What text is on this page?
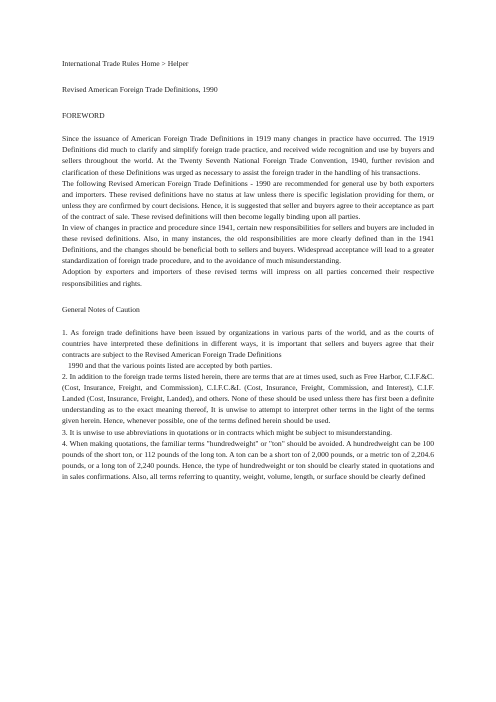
International Trade Rules Home > Helper

Revised American Foreign Trade Definitions, 1990

FOREWORD

Since the issuance of American Foreign Trade Definitions in 1919 many changes in practice have occurred. The 1919 Definitions did much to clarify and simplify foreign trade practice, and received wide recognition and use by buyers and sellers throughout the world. At the Twenty Seventh National Foreign Trade Convention, 1940, further revision and clarification of these Definitions was urged as necessary to assist the foreign trader in the handling of his transactions.

The following Revised American Foreign Trade Definitions - 1990 are recommended for general use by both exporters and importers. These revised definitions have no status at law unless there is specific legislation providing for them, or unless they are confirmed by court decisions. Hence, it is suggested that seller and buyers agree to their acceptance as part of the contract of sale. These revised definitions will then become legally binding upon all parties.

In view of changes in practice and procedure since 1941, certain new responsibilities for sellers and buyers are included in these revised definitions. Also, in many instances, the old responsibilities are more clearly defined than in the 1941 Definitions, and the changes should be beneficial both to sellers and buyers. Widespread acceptance will lead to a greater standardization of foreign trade procedure, and to the avoidance of much misunderstanding.

Adoption by exporters and importers of these revised terms will impress on all parties concerned their respective responsibilities and rights.

General Notes of Caution

1. As foreign trade definitions have been issued by organizations in various parts of the world, and as the courts of countries have interpreted these definitions in different ways, it is important that sellers and buyers agree that their contracts are subject to the Revised American Foreign Trade Definitions

1990 and that the various points listed are accepted by both parties.

2. In addition to the foreign trade terms listed herein, there are terms that are at times used, such as Free Harbor, C.I.F.&C. (Cost, Insurance, Freight, and Commission), C.I.F.C.&I. (Cost, Insurance, Freight, Commission, and Interest), C.I.F. Landed (Cost, Insurance, Freight, Landed), and others. None of these should be used unless there has first been a definite understanding as to the exact meaning thereof, It is unwise to attempt to interpret other terms in the light of the terms given herein. Hence, whenever possible, one of the terms defined herein should be used.

3. It is unwise to use abbreviations in quotations or in contracts which might be subject to misunderstanding.

4. When making quotations, the familiar terms "hundredweight" or "ton" should be avoided. A hundredweight can be 100 pounds of the short ton, or 112 pounds of the long ton. A ton can be a short ton of 2,000 pounds, or a metric ton of 2,204.6 pounds, or a long ton of 2,240 pounds. Hence, the type of hundredweight or ton should be clearly stated in quotations and in sales confirmations. Also, all terms referring to quantity, weight, volume, length, or surface should be clearly defined
